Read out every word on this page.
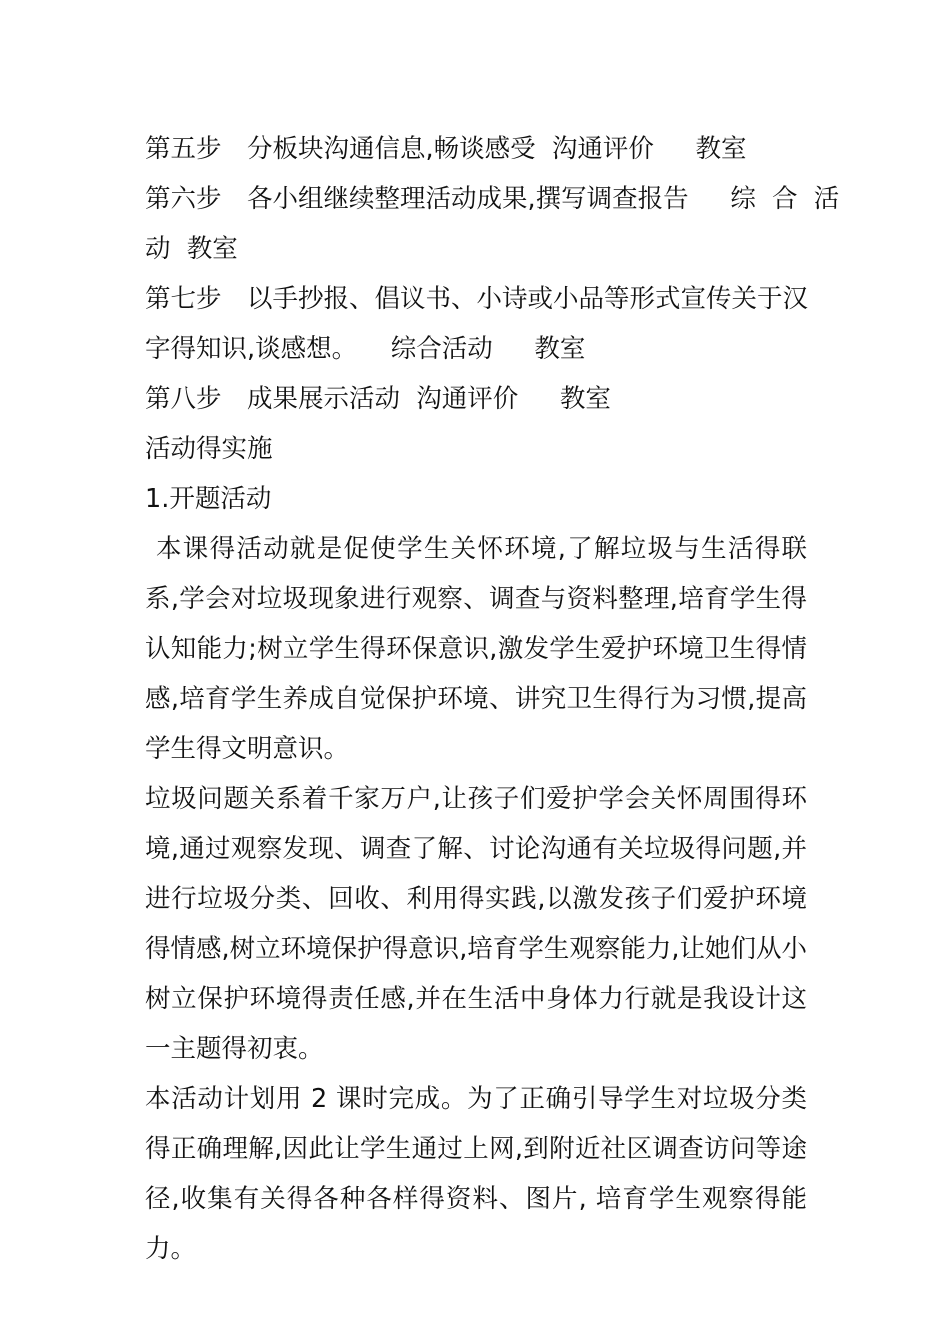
第五步　分板块沟通信息,畅谈感受  沟通评价 　 教室
第六步　各小组继续整理活动成果,撰写调查报告 　 综  合  活
动  教室
第七步　以手抄报、倡议书、小诗或小品等形式宣传关于汉
字得知识,谈感想。 　综合活动 　 教室
第八步　成果展示活动  沟通评价 　 教室
活动得实施
1.开题活动
本课得活动就是促使学生关怀环境,了解垃圾与生活得联系,学会对垃圾现象进行观察、调查与资料整理,培育学生得认知能力;树立学生得环保意识,激发学生爱护环境卫生得情感,培育学生养成自觉保护环境、讲究卫生得行为习惯,提高学生得文明意识。
垃圾问题关系着千家万户,让孩子们爱护学会关怀周围得环境,通过观察发现、调查了解、讨论沟通有关垃圾得问题,并进行垃圾分类、回收、利用得实践,以激发孩子们爱护环境得情感,树立环境保护得意识,培育学生观察能力,让她们从小树立保护环境得责任感,并在生活中身体力行就是我设计这一主题得初衷。
本活动计划用 2 课时完成。为了正确引导学生对垃圾分类得正确理解,因此让学生通过上网,到附近社区调查访问等途径,收集有关得各种各样得资料、图片, 培育学生观察得能力。
